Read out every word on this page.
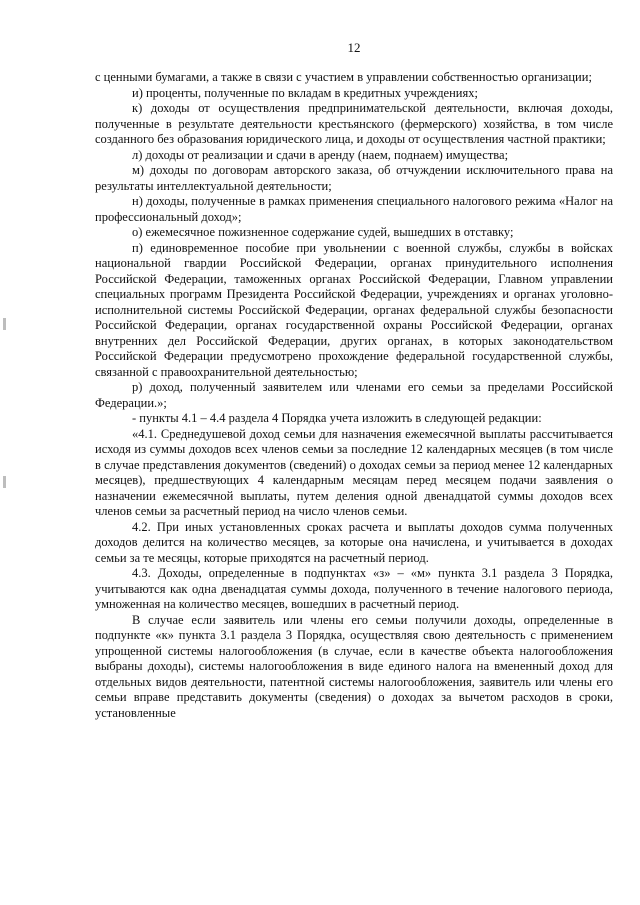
12

с ценными бумагами, а также в связи с участием в управлении собственностью организации;

и) проценты, полученные по вкладам в кредитных учреждениях;

к) доходы от осуществления предпринимательской деятельности, включая доходы, полученные в результате деятельности крестьянского (фермерского) хозяйства, в том числе созданного без образования юридического лица, и доходы от осуществления частной практики;

л) доходы от реализации и сдачи в аренду (наем, поднаем) имущества;

м) доходы по договорам авторского заказа, об отчуждении исключительного права на результаты интеллектуальной деятельности;

н) доходы, полученные в рамках применения специального налогового режима «Налог на профессиональный доход»;

о) ежемесячное пожизненное содержание судей, вышедших в отставку;

п) единовременное пособие при увольнении с военной службы, службы в войсках национальной гвардии Российской Федерации, органах принудительного исполнения Российской Федерации, таможенных органах Российской Федерации, Главном управлении специальных программ Президента Российской Федерации, учреждениях и органах уголовно-исполнительной системы Российской Федерации, органах федеральной службы безопасности Российской Федерации, органах государственной охраны Российской Федерации, органах внутренних дел Российской Федерации, других органах, в которых законодательством Российской Федерации предусмотрено прохождение федеральной государственной службы, связанной с правоохранительной деятельностью;

р) доход, полученный заявителем или членами его семьи за пределами Российской Федерации.»;

- пункты 4.1 – 4.4 раздела 4 Порядка учета изложить в следующей редакции:

«4.1. Среднедушевой доход семьи для назначения ежемесячной выплаты рассчитывается исходя из суммы доходов всех членов семьи за последние 12 календарных месяцев (в том числе в случае представления документов (сведений) о доходах семьи за период менее 12 календарных месяцев), предшествующих 4 календарным месяцам перед месяцем подачи заявления о назначении ежемесячной выплаты, путем деления одной двенадцатой суммы доходов всех членов семьи за расчетный период на число членов семьи.

4.2. При иных установленных сроках расчета и выплаты доходов сумма полученных доходов делится на количество месяцев, за которые она начислена, и учитывается в доходах семьи за те месяцы, которые приходятся на расчетный период.

4.3. Доходы, определенные в подпунктах «з» – «м» пункта 3.1 раздела 3 Порядка, учитываются как одна двенадцатая суммы дохода, полученного в течение налогового периода, умноженная на количество месяцев, вошедших в расчетный период.

В случае если заявитель или члены его семьи получили доходы, определенные в подпункте «к» пункта 3.1 раздела 3 Порядка, осуществляя свою деятельность с применением упрощенной системы налогообложения (в случае, если в качестве объекта налогообложения выбраны доходы), системы налогообложения в виде единого налога на вмененный доход для отдельных видов деятельности, патентной системы налогообложения, заявитель или члены его семьи вправе представить документы (сведения) о доходах за вычетом расходов в сроки, установленные
